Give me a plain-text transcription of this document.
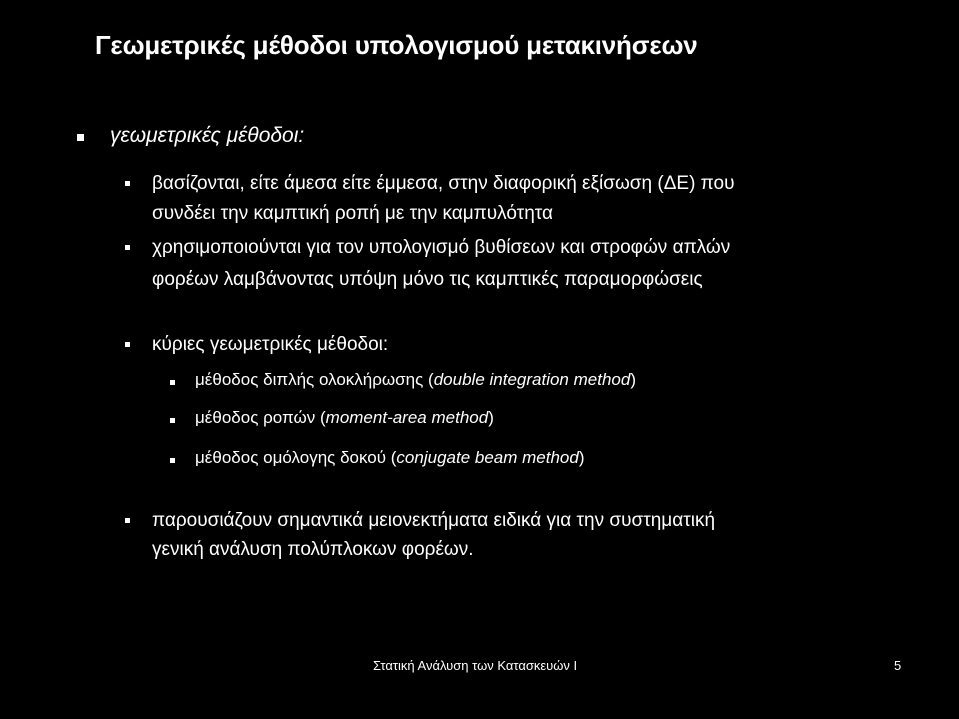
Γεωμετρικές μέθοδοι υπολογισμού μετακινήσεων
γεωμετρικές μέθοδοι:
βασίζονται, είτε άμεσα είτε έμμεσα, στην διαφορική εξίσωση (ΔΕ) που
συνδέει την καμπτική ροπή με την καμπυλότητα
χρησιμοποιούνται για τον υπολογισμό βυθίσεων και στροφών απλών
φορέων λαμβάνοντας υπόψη μόνο τις καμπτικές παραμορφώσεις
κύριες γεωμετρικές μέθοδοι:
μέθοδος διπλής ολοκλήρωσης (double integration method)
μέθοδος ροπών (moment-area method)
μέθοδος ομόλογης δοκού (conjugate beam method)
παρουσιάζουν σημαντικά μειονεκτήματα ειδικά για την συστηματική
γενική ανάλυση πολύπλοκων φορέων.
Στατική Ανάλυση των Κατασκευών Ι	5
